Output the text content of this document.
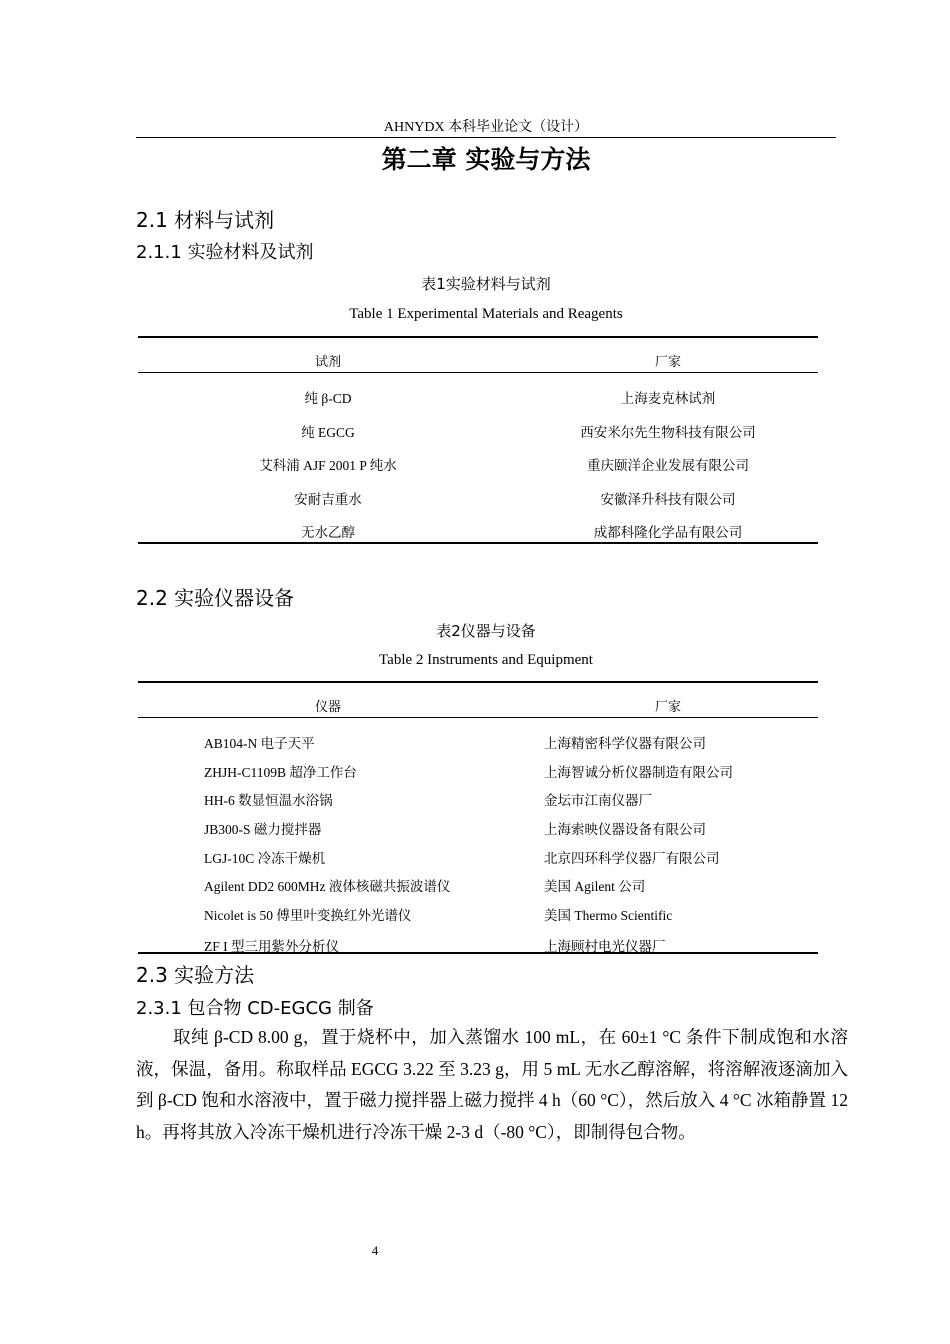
AHNYDX 本科毕业论文（设计）
第二章 实验与方法
2.1 材料与试剂
2.1.1 实验材料及试剂
表1实验材料与试剂
Table 1 Experimental Materials and Reagents
试剂	厂家
纯 β-CD	上海麦克林试剂
纯 EGCG	西安米尔先生物科技有限公司
艾科浦 AJF 2001 P 纯水	重庆颐洋企业发展有限公司
安耐吉重水	安徽泽升科技有限公司
无水乙醇	成都科隆化学品有限公司
2.2 实验仪器设备
表2仪器与设备
Table 2 Instruments and Equipment
仪器	厂家
AB104-N 电子天平	上海精密科学仪器有限公司
ZHJH-C1109B 超净工作台	上海智诚分析仪器制造有限公司
HH-6 数显恒温水浴锅	金坛市江南仪器厂
JB300-S 磁力搅拌器	上海索映仪器设备有限公司
LGJ-10C 冷冻干燥机	北京四环科学仪器厂有限公司
Agilent DD2 600MHz 液体核磁共振波谱仪	美国 Agilent 公司
Nicolet is 50 傅里叶变换红外光谱仪	美国 Thermo Scientific
ZF I 型三用紫外分析仪	上海顾村电光仪器厂
2.3 实验方法
2.3.1 包合物 CD-EGCG 制备
取纯 β-CD 8.00 g，置于烧杯中，加入蒸馏水 100 mL，在 60±1 °C 条件下制成饱和水溶液，保温，备用。称取样品 EGCG 3.22 至 3.23 g，用 5 mL 无水乙醇溶解，将溶解液逐滴加入到 β-CD 饱和水溶液中，置于磁力搅拌器上磁力搅拌 4 h（60 °C），然后放入 4 °C 冰箱静置 12 h。再将其放入冷冻干燥机进行冷冻干燥 2-3 d（-80 °C），即制得包合物。
4
